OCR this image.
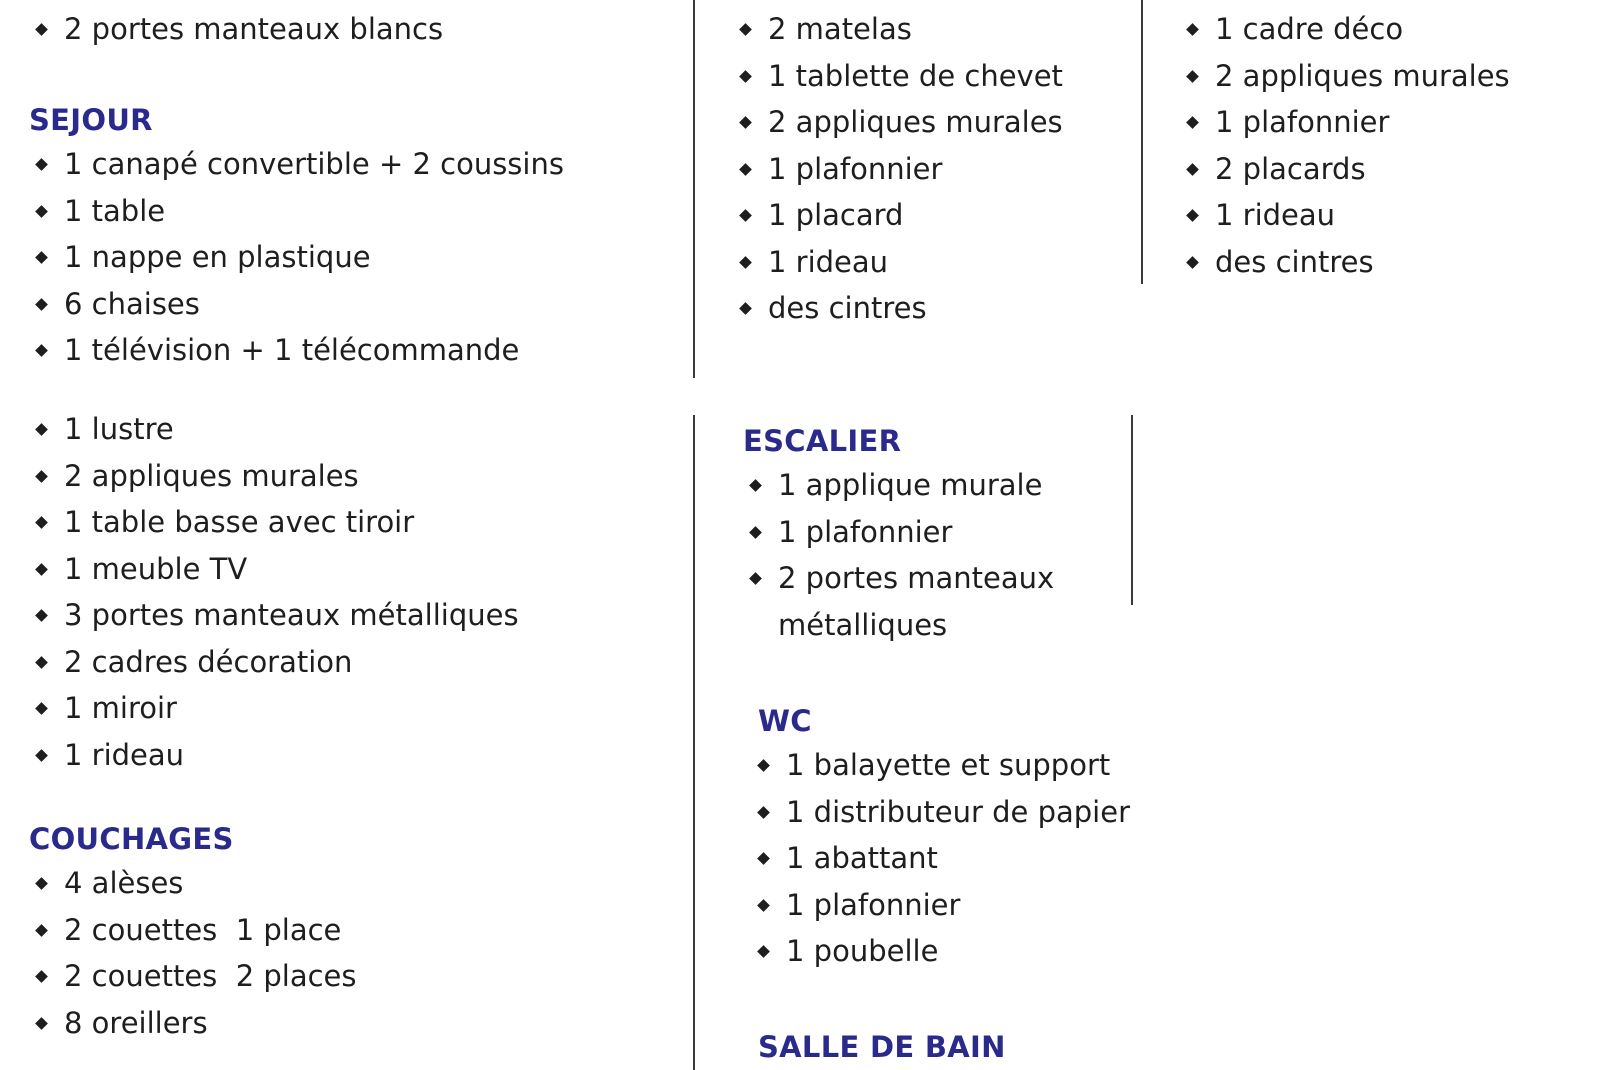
2 portes manteaux blancs
SEJOUR
1 canapé convertible + 2 coussins
1 table
1 nappe en plastique
6 chaises
1 télévision + 1 télécommande
1 lustre
2 appliques murales
1 table basse avec tiroir
1 meuble TV
3 portes manteaux métalliques
2 cadres décoration
1 miroir
1 rideau
COUCHAGES
4 alèses
2 couettes  1 place
2 couettes  2 places
8 oreillers
2 matelas
1 tablette de chevet
2 appliques murales
1 plafonnier
1 placard
1 rideau
des cintres
ESCALIER
1 applique murale
1 plafonnier
2 portes manteaux
métalliques
WC
1 balayette et support
1 distributeur de papier
1 abattant
1 plafonnier
1 poubelle
SALLE DE BAIN
1 cadre déco
2 appliques murales
1 plafonnier
2 placards
1 rideau
des cintres
